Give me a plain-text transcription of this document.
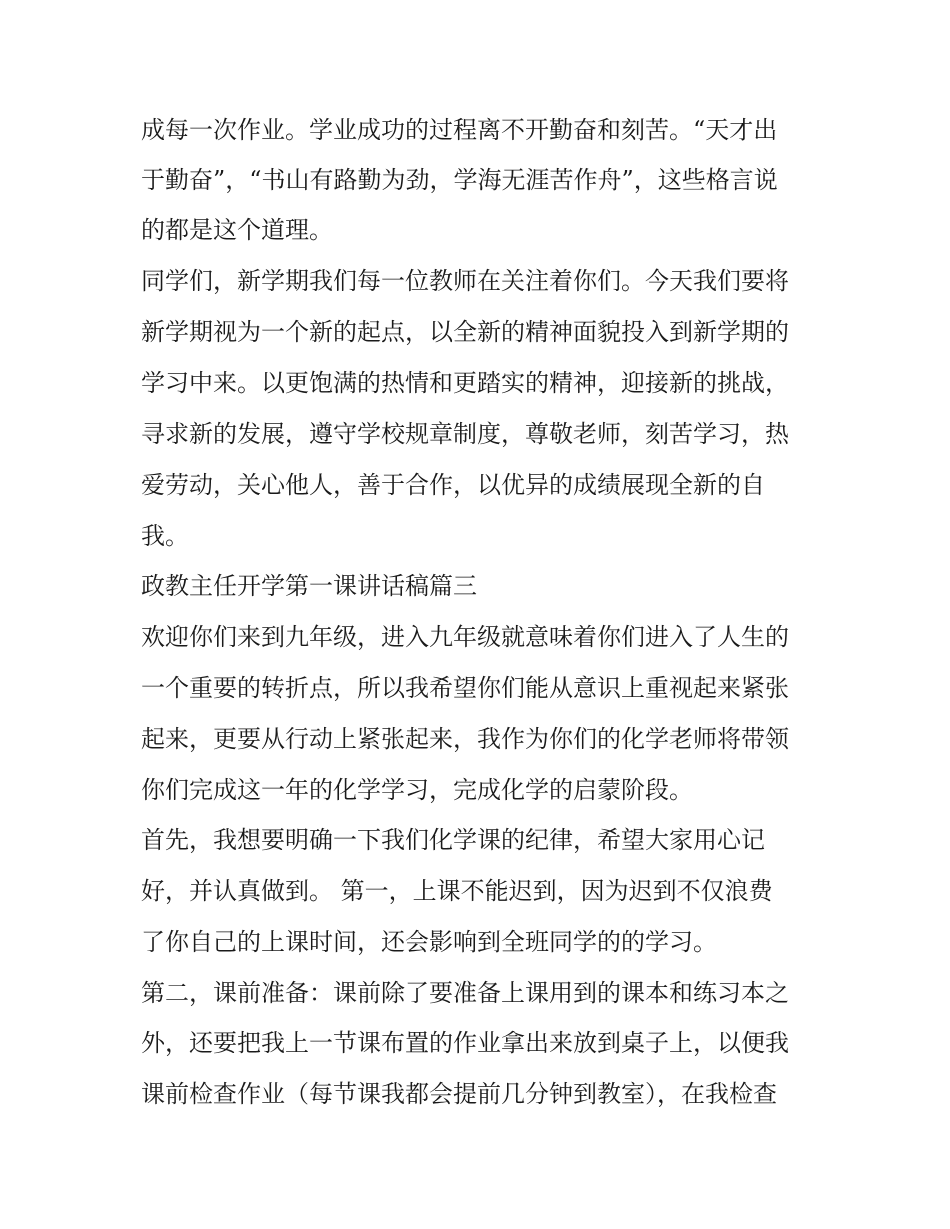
成每一次作业。学业成功的过程离不开勤奋和刻苦。“天才出
于勤奋”，“书山有路勤为劲，学海无涯苦作舟”，这些格言说
的都是这个道理。
同学们，新学期我们每一位教师在关注着你们。今天我们要将
新学期视为一个新的起点，以全新的精神面貌投入到新学期的
学习中来。以更饱满的热情和更踏实的精神，迎接新的挑战，
寻求新的发展，遵守学校规章制度，尊敬老师，刻苦学习，热
爱劳动，关心他人，善于合作，以优异的成绩展现全新的自
我。
政教主任开学第一课讲话稿篇三
欢迎你们来到九年级，进入九年级就意味着你们进入了人生的
一个重要的转折点，所以我希望你们能从意识上重视起来紧张
起来，更要从行动上紧张起来，我作为你们的化学老师将带领
你们完成这一年的化学学习，完成化学的启蒙阶段。
首先，我想要明确一下我们化学课的纪律，希望大家用心记
好，并认真做到。 第一，上课不能迟到，因为迟到不仅浪费
了你自己的上课时间，还会影响到全班同学的的学习。
第二，课前准备：课前除了要准备上课用到的课本和练习本之
外，还要把我上一节课布置的作业拿出来放到桌子上，以便我
课前检查作业（每节课我都会提前几分钟到教室），在我检查
